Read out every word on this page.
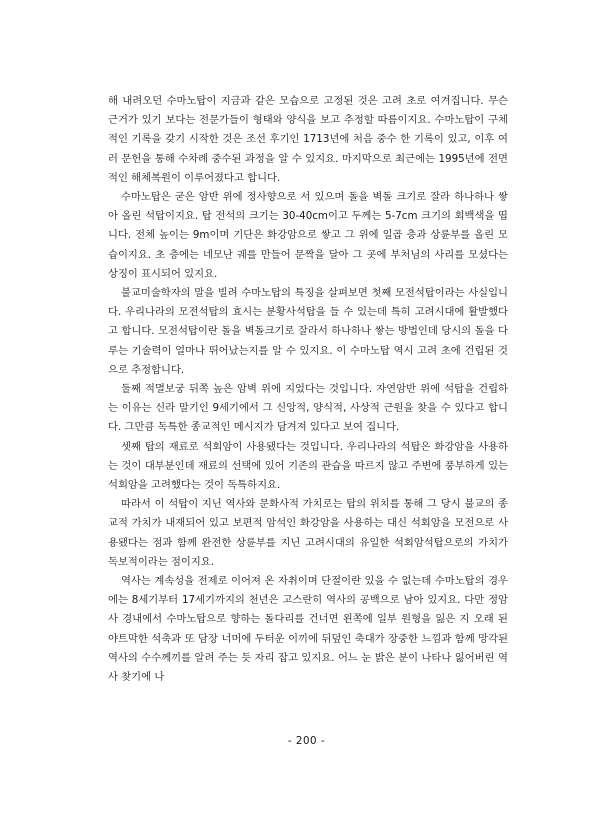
해 내려오던 수마노탑이 지금과 같은 모습으로 고정된 것은 고려 초로 여겨집니다. 무슨 근거가 있기 보다는 전문가들이 형태와 양식을 보고 추정할 따름이지요. 수마노탑이 구체적인 기록을 갖기 시작한 것은 조선 후기인 1713년에 처음 중수 한 기록이 있고, 이후 여러 문헌을 통해 수차례 중수된 과정을 알 수 있지요. 마지막으로 최근에는 1995년에 전면적인 해체복원이 이루어졌다고 합니다.

수마노탑은 굳은 암반 위에 정사향으로 서 있으며 돌을 벽돌 크기로 잘라 하나하나 쌓아 올린 석탑이지요. 탑 전석의 크기는 30-40cm이고 두께는 5-7cm 크기의 회백색을 띱니다. 전체 높이는 9m이며 기단은 화강암으로 쌓고 그 위에 일곱 층과 상륜부를 올린 모습이지요. 초 층에는 네모난 궤를 만들어 문짝을 달아 그 곳에 부처님의 사리를 모셨다는 상징이 표시되어 있지요.

불교미술학자의 말을 빌려 수마노탑의 특징을 살펴보면 첫째 모전석탑이라는 사실입니다. 우리나라의 모전석탑의 효시는 분황사석탑을 들 수 있는데 특히 고려시대에 활발했다고 합니다. 모전석탑이란 돌을 벽돌크기로 잘라서 하나하나 쌓는 방법인데 당시의 돌을 다루는 기술력이 얼마나 뛰어났는지를 알 수 있지요. 이 수마노탑 역시 고려 초에 건립된 것으로 추정합니다.

둘째 적멸보궁 뒤쪽 높은 암벽 위에 지었다는 것입니다. 자연암반 위에 석탑을 건립하는 이유는 신라 말기인 9세기에서 그 신앙적, 양식적, 사상적 근원을 찾을 수 있다고 합니다. 그만큼 독특한 종교적인 메시지가 담겨져 있다고 보여 집니다.

셋째 탑의 재료로 석회암이 사용됐다는 것입니다. 우리나라의 석탑은 화강암을 사용하는 것이 대부분인데 재료의 선택에 있어 기존의 관습을 따르지 않고 주변에 풍부하게 있는 석회암을 고려했다는 것이 독특하지요.

따라서 이 석탑이 지닌 역사와 문화사적 가치로는 탑의 위치를 통해 그 당시 불교의 종교적 가치가 내재되어 있고 보편적 암석인 화강암을 사용하는 대신 석회암을 모전으로 사용됐다는 점과 함께 완전한 상륜부를 지닌 고려시대의 유일한 석회암석탑으로의 가치가 독보적이라는 점이지요.

역사는 계속성을 전제로 이어져 온 자취이며 단절이란 있을 수 없는데 수마노탑의 경우에는 8세기부터 17세기까지의 천년은 고스란히 역사의 공백으로 남아 있지요. 다만 정암사 경내에서 수마노탑으로 향하는 돌다리를 건너면 왼쪽에 일부 원형을 잃은 지 오래 된 야트막한 석축과 또 담장 너머에 두터운 이끼에 뒤덮인 축대가 장중한 느낌과 함께 망각된 역사의 수수께끼를 알려 주는 듯 자리 잡고 있지요. 어느 눈 밝은 분이 나타나 잃어버린 역사 찾기에 나

- 200 -
